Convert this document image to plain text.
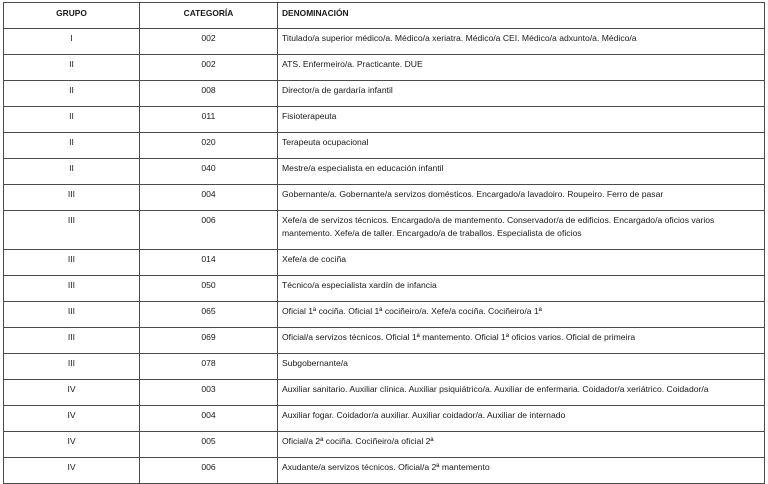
GRUPO	CATEGORÍA	DENOMINACIÓN
I	002	Titulado/a superior médico/a. Médico/a xeriatra. Médico/a CEI. Médico/a adxunto/a. Médico/a
II	002	ATS. Enfermeiro/a. Practicante. DUE
II	008	Director/a de gardaría infantil
II	011	Fisioterapeuta
II	020	Terapeuta ocupacional
II	040	Mestre/a especialista en educación infantil
III	004	Gobernante/a. Gobernante/a servizos domésticos. Encargado/a lavadoiro. Roupeiro. Ferro de pasar
III	006	Xefe/a de servizos técnicos. Encargado/a de mantemento. Conservador/a de edificios. Encargado/a oficios varios mantemento. Xefe/a de taller. Encargado/a de traballos. Especialista de oficios
III	014	Xefe/a de cociña
III	050	Técnico/a especialista xardín de infancia
III	065	Oficial 1ª cociña. Oficial 1ª cociñeiro/a. Xefe/a cociña. Cociñeiro/a 1ª
III	069	Oficial/a servizos técnicos. Oficial 1ª mantemento. Oficial 1ª oficios varios. Oficial de primeira
III	078	Subgobernante/a
IV	003	Auxiliar sanitario. Auxiliar clínica. Auxiliar psiquiátrico/a. Auxiliar de enfermaria. Coidador/a xeriátrico. Coidador/a
IV	004	Auxiliar fogar. Coidador/a auxiliar. Auxiliar coidador/a. Auxiliar de internado
IV	005	Oficial/a 2ª cociña. Cociñeiro/a oficial 2ª
IV	006	Axudante/a servizos técnicos. Oficial/a 2ª mantemento
